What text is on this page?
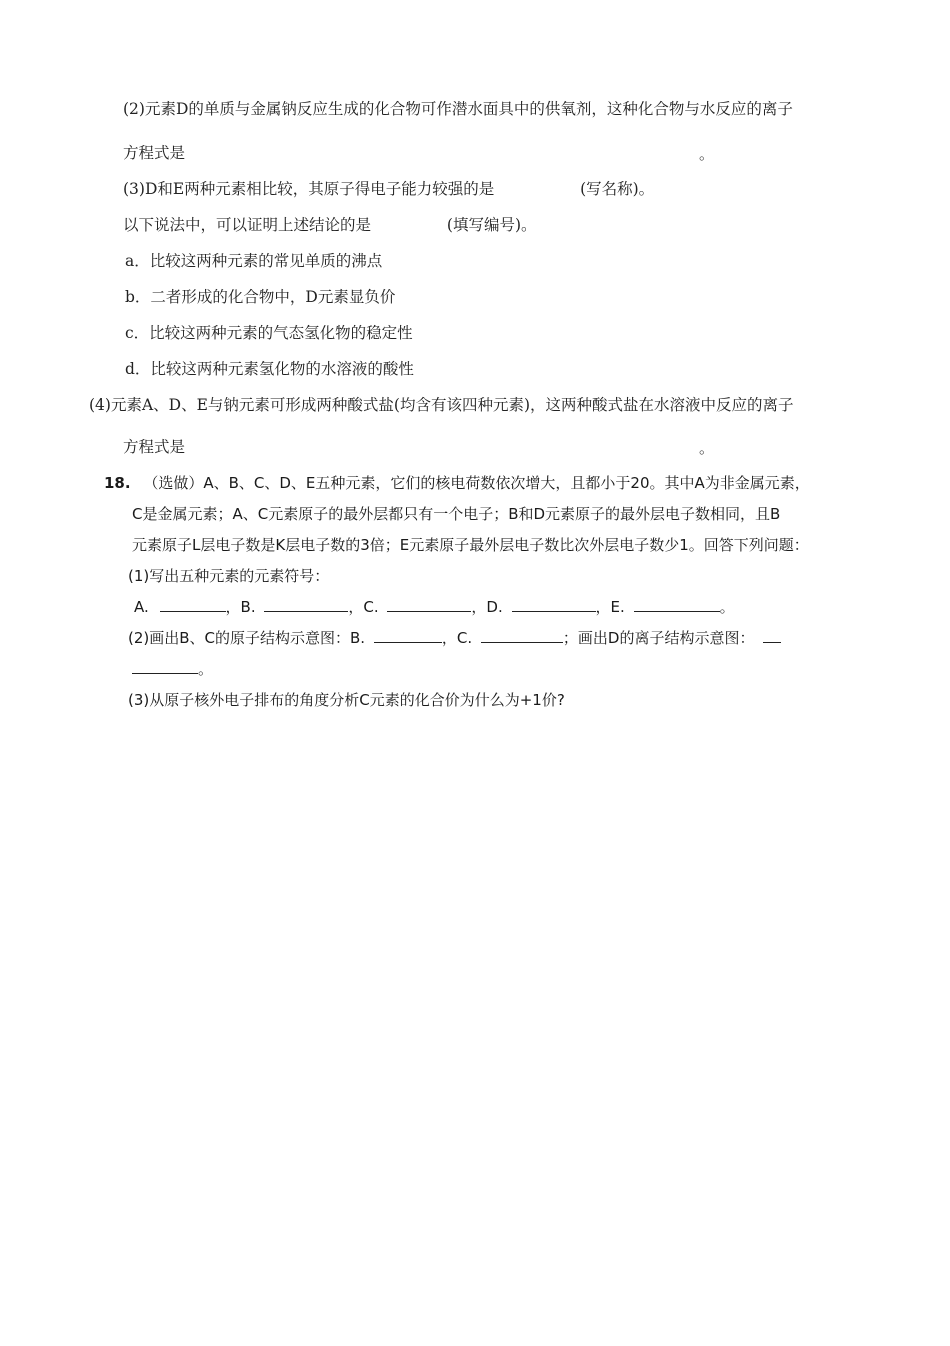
(2)元素D的单质与金属钠反应生成的化合物可作潜水面具中的供氧剂，这种化合物与水反应的离子
方程式是	。
(3)D和E两种元素相比较，其原子得电子能力较强的是	(写名称)。
以下说法中，可以证明上述结论的是	(填写编号)。
a．比较这两种元素的常见单质的沸点
b．二者形成的化合物中，D元素显负价
c．比较这两种元素的气态氢化物的稳定性
d．比较这两种元素氢化物的水溶液的酸性
(4)元素A、D、E与钠元素可形成两种酸式盐(均含有该四种元素)，这两种酸式盐在水溶液中反应的离子
方程式是	。
18. （选做）A、B、C、D、E五种元素，它们的核电荷数依次增大，且都小于20。其中A为非金属元素，
C是金属元素；A、C元素原子的最外层都只有一个电子；B和D元素原子的最外层电子数相同，且B
元素原子L层电子数是K层电子数的3倍；E元素原子最外层电子数比次外层电子数少1。回答下列问题：
(1)写出五种元素的元素符号：
A.	，B.	，C.	，D.	，E.	。
(2)画出B、C的原子结构示意图：B.	，C.	；画出D的离子结构示意图：
。
(3)从原子核外电子排布的角度分析C元素的化合价为什么为+1价?
